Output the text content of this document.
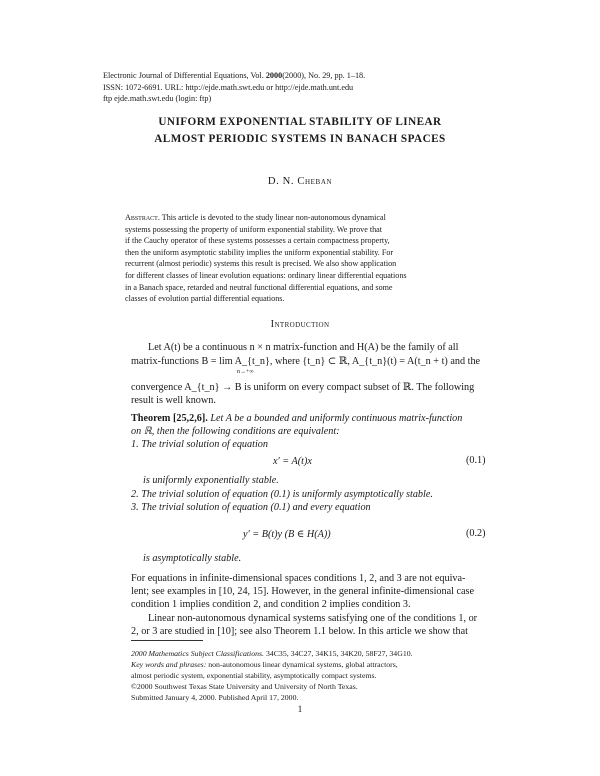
Electronic Journal of Differential Equations, Vol. 2000(2000), No. 29, pp. 1–18.
ISSN: 1072-6691. URL: http://ejde.math.swt.edu or http://ejde.math.unt.edu
ftp ejde.math.swt.edu (login: ftp)
UNIFORM EXPONENTIAL STABILITY OF LINEAR
ALMOST PERIODIC SYSTEMS IN BANACH SPACES
D. N. Cheban
Abstract. This article is devoted to the study linear non-autonomous dynamical
systems possessing the property of uniform exponential stability. We prove that
if the Cauchy operator of these systems possesses a certain compactness property,
then the uniform asymptotic stability implies the uniform exponential stability. For
recurrent (almost periodic) systems this result is precised. We also show application
for different classes of linear evolution equations: ordinary linear differential equations
in a Banach space, retarded and neutral functional differential equations, and some
classes of evolution partial differential equations.
Introduction
Let A(t) be a continuous n × n matrix-function and H(A) be the family of all
matrix-functions B = lim A_{t_n}, where {t_n} ⊂ ℝ, A_{t_n}(t) = A(t_n + t) and the
n→+∞
convergence A_{t_n} → B is uniform on every compact subset of ℝ. The following
result is well known.
Theorem [25,2,6]. Let A be a bounded and uniformly continuous matrix-function
on ℝ, then the following conditions are equivalent:
1. The trivial solution of equation
x′ = A(t)x	(0.1)
is uniformly exponentially stable.
2. The trivial solution of equation (0.1) is uniformly asymptotically stable.
3. The trivial solution of equation (0.1) and every equation
y′ = B(t)y (B ∈ H(A))	(0.2)
is asymptotically stable.
For equations in infinite-dimensional spaces conditions 1, 2, and 3 are not equiva-
lent; see examples in [10, 24, 15]. However, in the general infinite-dimensional case
condition 1 implies condition 2, and condition 2 implies condition 3.
Linear non-autonomous dynamical systems satisfying one of the conditions 1, or
2, or 3 are studied in [10]; see also Theorem 1.1 below. In this article we show that
2000 Mathematics Subject Classifications. 34C35, 34C27, 34K15, 34K20, 58F27, 34G10.
Key words and phrases: non-autonomous linear dynamical systems, global attractors,
almost periodic system, exponential stability, asymptotically compact systems.
©2000 Southwest Texas State University and University of North Texas.
Submitted January 4, 2000. Published April 17, 2000.
1
